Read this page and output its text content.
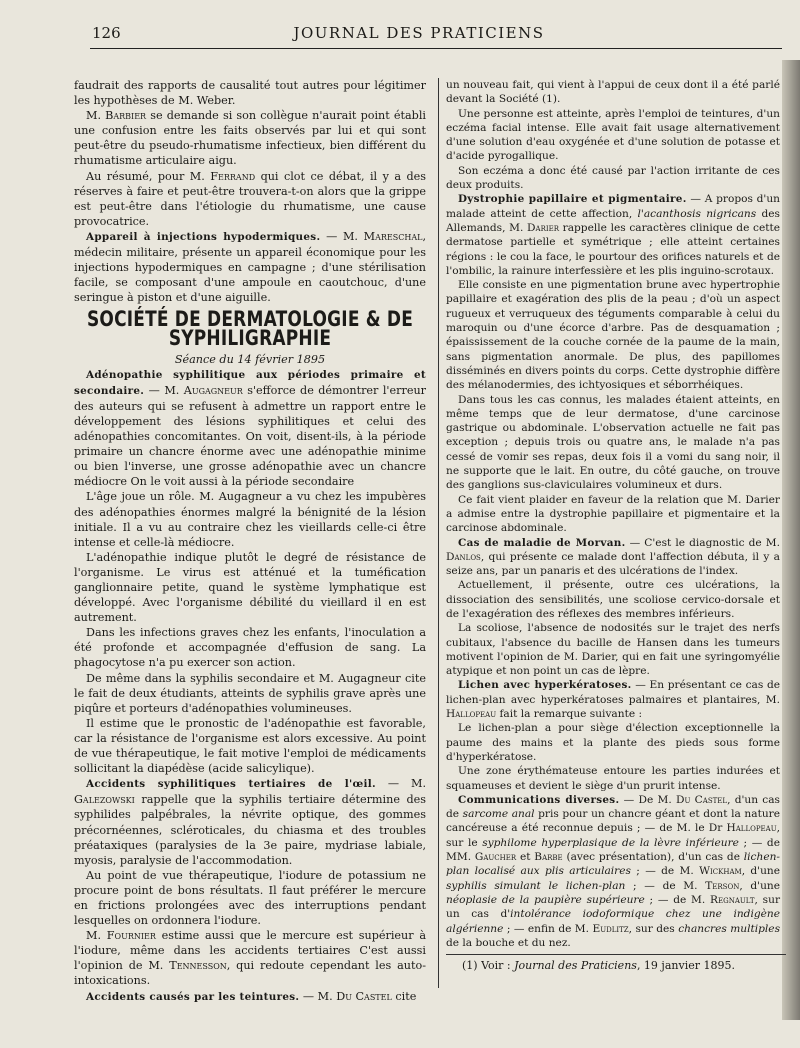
126	JOURNAL DES PRATICIENS

faudrait des rapports de causalité tout autres pour légitimer les hypothèses de M. Weber.

M. Barbier se demande si son collègue n'aurait point établi une confusion entre les faits observés par lui et qui sont peut-être du pseudo-rhumatisme infectieux, bien différent du rhumatisme articulaire aigu.

Au résumé, pour M. Ferrand qui clot ce débat, il y a des réserves à faire et peut-être trouvera-t-on alors que la grippe est peut-être dans l'étiologie du rhumatisme, une cause provocatrice.

Appareil à injections hypodermiques. — M. Mareschal, médecin militaire, présente un appareil économique pour les injections hypodermiques en campagne ; d'une stérilisation facile, se composant d'une ampoule en caoutchouc, d'une seringue à piston et d'une aiguille.

SOCIÉTÉ DE DERMATOLOGIE & DE SYPHILIGRAPHIE

Séance du 14 février 1895

Adénopathie syphilitique aux périodes primaire et secondaire. — M. Augagneur s'efforce de démontrer l'erreur des auteurs qui se refusent à admettre un rapport entre le développement des lésions syphilitiques et celui des adénopathies concomitantes. On voit, disent-ils, à la période primaire un chancre énorme avec une adénopathie minime ou bien l'inverse, une grosse adénopathie avec un chancre médiocre On le voit aussi à la période secondaire

L'âge joue un rôle. M. Augagneur a vu chez les impubères des adénopathies énormes malgré la bénignité de la lésion initiale. Il a vu au contraire chez les vieillards celle-ci être intense et celle-là médiocre.

L'adénopathie indique plutôt le degré de résistance de l'organisme. Le virus est atténué et la tuméfication ganglionnaire petite, quand le système lymphatique est développé. Avec l'organisme débilité du vieillard il en est autrement.

Dans les infections graves chez les enfants, l'inoculation a été profonde et accompagnée d'effusion de sang. La phagocytose n'a pu exercer son action.

De même dans la syphilis secondaire et M. Augagneur cite le fait de deux étudiants, atteints de syphilis grave après une piqûre et porteurs d'adénopathies volumineuses.

Il estime que le pronostic de l'adénopathie est favorable, car la résistance de l'organisme est alors excessive. Au point de vue thérapeutique, le fait motive l'emploi de médicaments sollicitant la diapédèse (acide salicylique).

Accidents syphilitiques tertiaires de l'œil. — M. Galezowski rappelle que la syphilis tertiaire détermine des syphilides palpébrales, la névrite optique, des gommes précornéennes, scléroticales, du chiasma et des troubles préataxiques (paralysies de la 3e paire, mydriase labiale, myosis, paralysie de l'accommodation.

Au point de vue thérapeutique, l'iodure de potassium ne procure point de bons résultats. Il faut préférer le mercure en frictions prolongées avec des interruptions pendant lesquelles on ordonnera l'iodure.

M. Fournier estime aussi que le mercure est supérieur à l'iodure, même dans les accidents tertiaires C'est aussi l'opinion de M. Tennesson, qui redoute cependant les auto-intoxications.

Accidents causés par les teintures. — M. Du Castel cite

un nouveau fait, qui vient à l'appui de ceux dont il a été parlé devant la Société (1).

Une personne est atteinte, après l'emploi de teintures, d'un eczéma facial intense. Elle avait fait usage alternativement d'une solution d'eau oxygénée et d'une solution de potasse et d'acide pyrogallique.

Son eczéma a donc été causé par l'action irritante de ces deux produits.

Dystrophie papillaire et pigmentaire. — A propos d'un malade atteint de cette affection, l'acanthosis nigricans des Allemands, M. Darier rappelle les caractères clinique de cette dermatose partielle et symétrique ; elle atteint certaines régions : le cou la face, le pourtour des orifices naturels et de l'ombilic, la rainure interfessière et les plis inguino-scrotaux.

Elle consiste en une pigmentation brune avec hypertrophie papillaire et exagération des plis de la peau ; d'où un aspect rugueux et verruqueux des téguments comparable à celui du maroquin ou d'une écorce d'arbre. Pas de desquamation ; épaississement de la couche cornée de la paume de la main, sans pigmentation anormale. De plus, des papillomes disséminés en divers points du corps. Cette dystrophie diffère des mélanodermies, des ichtyosiques et séborrhéiques.

Dans tous les cas connus, les malades étaient atteints, en même temps que de leur dermatose, d'une carcinose gastrique ou abdominale. L'observation actuelle ne fait pas exception ; depuis trois ou quatre ans, le malade n'a pas cessé de vomir ses repas, deux fois il a vomi du sang noir, il ne supporte que le lait. En outre, du côté gauche, on trouve des ganglions sus-claviculaires volumineux et durs.

Ce fait vient plaider en faveur de la relation que M. Darier a admise entre la dystrophie papillaire et pigmentaire et la carcinose abdominale.

Cas de maladie de Morvan. — C'est le diagnostic de M. Danlos, qui présente ce malade dont l'affection débuta, il y a seize ans, par un panaris et des ulcérations de l'index.

Actuellement, il présente, outre ces ulcérations, la dissociation des sensibilités, une scoliose cervico-dorsale et de l'exagération des réflexes des membres inférieurs.

La scoliose, l'absence de nodosités sur le trajet des nerfs cubitaux, l'absence du bacille de Hansen dans les tumeurs motivent l'opinion de M. Darier, qui en fait une syringomyélie atypique et non point un cas de lèpre.

Lichen avec hyperkératoses. — En présentant ce cas de lichen-plan avec hyperkératoses palmaires et plantaires, M. Hallopeau fait la remarque suivante :

Le lichen-plan a pour siège d'élection exceptionnelle la paume des mains et la plante des pieds sous forme d'hyperkératose.

Une zone érythémateuse entoure les parties indurées et squameuses et devient le siège d'un prurit intense.

Communications diverses. — De M. Du Castel, d'un cas de sarcome anal pris pour un chancre géant et dont la nature cancéreuse a été reconnue depuis ; — de M. le Dr Hallopeau, sur le syphilome hyperplasique de la lèvre inférieure ; — de MM. Gaucher et Barbe (avec présentation), d'un cas de lichen-plan localisé aux plis articulaires ; — de M. Wickham, d'une syphilis simulant le lichen-plan ; — de M. Terson, d'une néoplasie de la paupière supérieure ; — de M. Regnault, sur un cas d'intolérance iodoformique chez une indigène algérienne ; — enfin de M. Eudlitz, sur des chancres multiples de la bouche et du nez.

(1) Voir : Journal des Praticiens, 19 janvier 1895.
